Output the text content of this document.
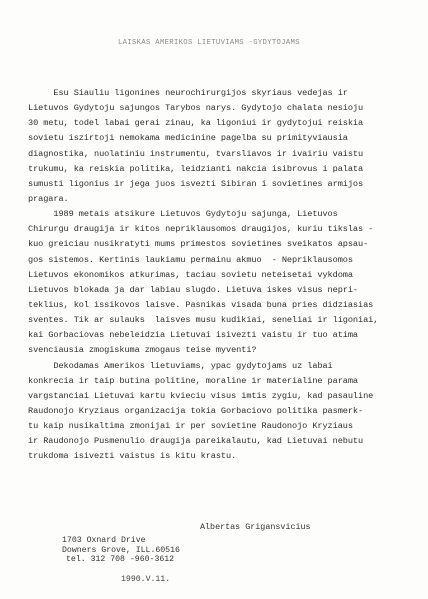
LAISKAS AMERIKOS LIETUVIAMS -GYDYTOJAMS
Esu Siauliu ligonines neurochirurgijos skyriaus vedejas ir
Lietuvos Gydytoju sajungos Tarybos narys. Gydytojo chalata nesioju
30 metu, todel labai gerai zinau, ka ligoniui ir gydytojui reiskia
sovietu iszirtoji nemokama medicinine pagelba su primityviausia
diagnostika, nuolatiniu instrumentu, tvarsliavos ir ivairiu vaistu
trukumu, ka reiskia politika, leidzianti nakcia isibrovus i palata
sumusti ligonius ir jega juos isvezti Sibiran i sovietines armijos
pragara.
1989 metais atsikure Lietuvos Gydytoju sajunga, Lietuvos
Chirurgu draugija ir kitos nepriklausomos draugijos, kuriu tikslas -
kuo greiciau nusikratyti mums primestos sovietines sveikatos apsau-
gos sistemos. Kertinis laukiamu permainu akmuo  - Nepriklausomos
Lietuvos ekonomikos atkurimas, taciau sovietu neteisetai vykdoma
Lietuvos blokada ja dar labiau slugdo. Lietuva iskes visus nepri-
teklius, kol issikovos laisve. Pasnikas visada buna pries didziasias
sventes. Tik ar sulauks  laisves musu kudikiai, seneliai ir ligoniai,
kai Gorbaciovas nebeleidzia Lietuvai isivezti vaistu ir tuo atima
svenciausia zmogiskuma zmogaus teise myventi?
Dekodamas Amerikos lietuviams, ypac gydytojams uz labai
konkrecia ir taip butina politine, moraline ir materialine parama
vargstanciai Lietuvai kartu kvieciu visus imtis zygiu, kad pasauline
Raudonojo Kryziaus organizacija tokia Gorbaciovo politika pasmerk-
tu kaip nusikaltima zmonijai ir per sovietine Raudonojo Kryziaus
ir Raudonojo Pusmenulio draugija pareikalautu, kad Lietuvai nebutu
trukdoma isivezti vaistus is kitu krastu.
Albertas Grigansvicius
1703 Oxnard Drive
Downers Grove, ILL.60516
tel. 312 708 -960-3612
1990.V.11.
